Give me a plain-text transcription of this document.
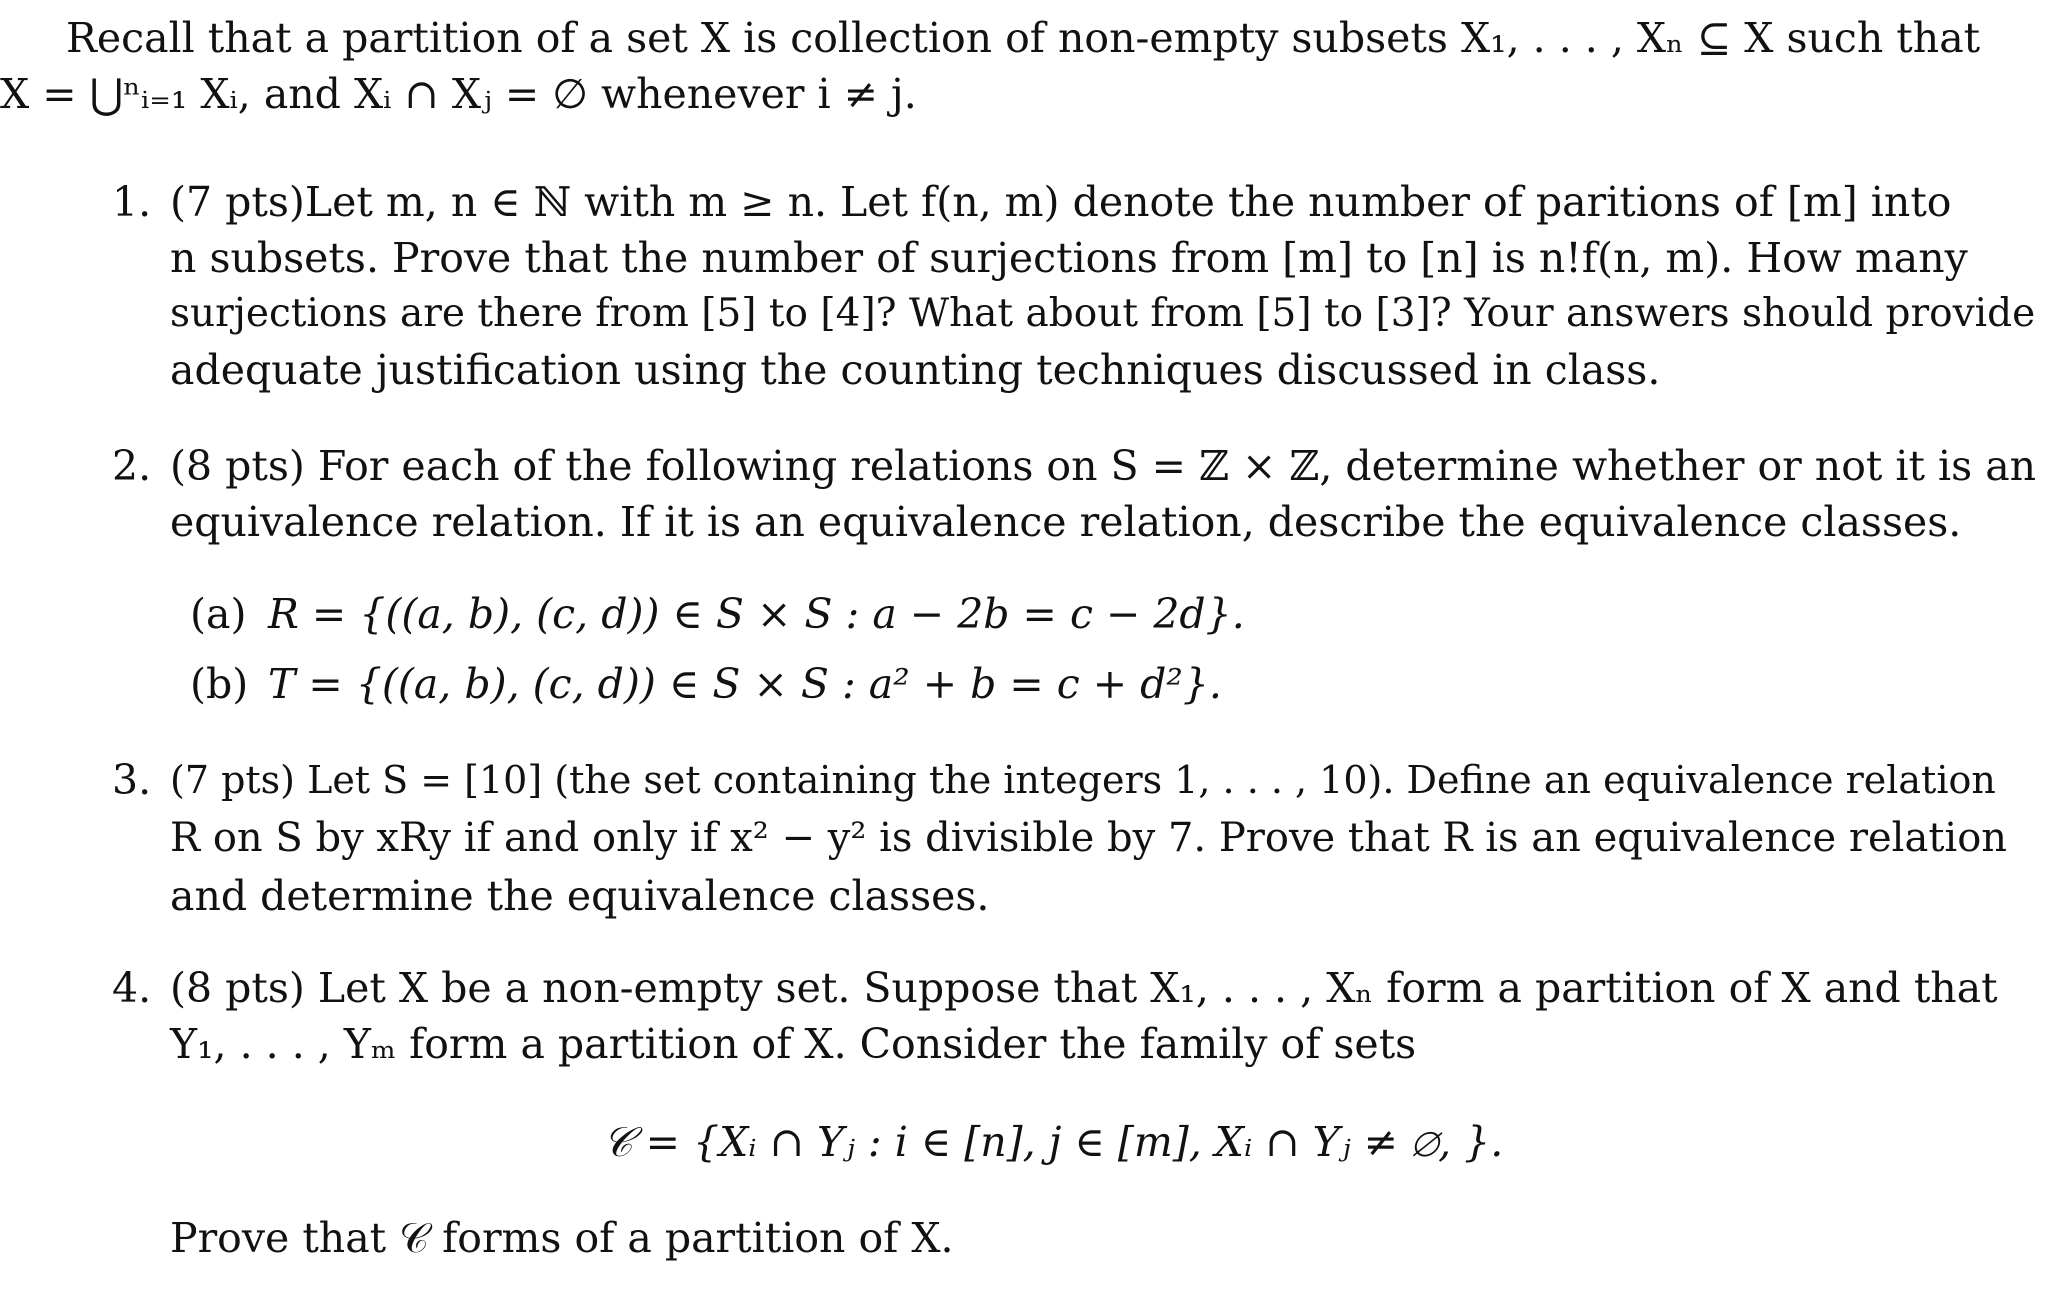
Recall that a partition of a set X is collection of non-empty subsets X₁, . . . , Xₙ ⊆ X such that
X = ⋃ⁿᵢ₌₁ Xᵢ, and Xᵢ ∩ Xⱼ = ∅ whenever i ≠ j.
1. (7 pts)Let m, n ∈ ℕ with m ≥ n. Let f(n, m) denote the number of paritions of [m] into
n subsets. Prove that the number of surjections from [m] to [n] is n!f(n, m). How many
surjections are there from [5] to [4]? What about from [5] to [3]? Your answers should provide
adequate justification using the counting techniques discussed in class.
2. (8 pts) For each of the following relations on S = ℤ × ℤ, determine whether or not it is an
equivalence relation. If it is an equivalence relation, describe the equivalence classes.
(a) R = {((a, b), (c, d)) ∈ S × S : a − 2b = c − 2d}.
(b) T = {((a, b), (c, d)) ∈ S × S : a² + b = c + d²}.
3. (7 pts) Let S = [10] (the set containing the integers 1, . . . , 10). Define an equivalence relation
R on S by xRy if and only if x² − y² is divisible by 7. Prove that R is an equivalence relation
and determine the equivalence classes.
4. (8 pts) Let X be a non-empty set. Suppose that X₁, . . . , Xₙ form a partition of X and that
Y₁, . . . , Yₘ form a partition of X. Consider the family of sets
𝒞 = {Xᵢ ∩ Yⱼ : i ∈ [n], j ∈ [m], Xᵢ ∩ Yⱼ ≠ ∅, }.
Prove that 𝒞 forms of a partition of X.
